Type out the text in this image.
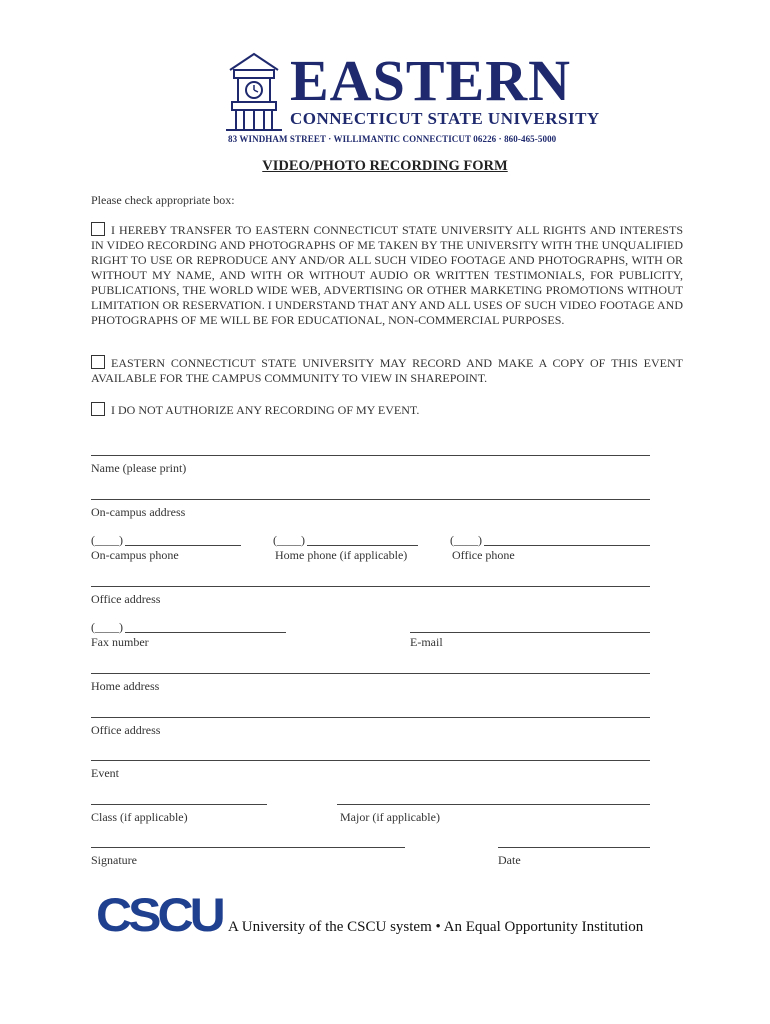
EASTERN
CONNECTICUT STATE UNIVERSITY
83 WINDHAM STREET · WILLIMANTIC CONNECTICUT 06226 · 860-465-5000
VIDEO/PHOTO RECORDING FORM
Please check appropriate box:
I HEREBY TRANSFER TO EASTERN CONNECTICUT STATE UNIVERSITY ALL RIGHTS AND INTERESTS IN VIDEO RECORDING AND PHOTOGRAPHS OF ME TAKEN BY THE UNIVERSITY WITH THE UNQUALIFIED RIGHT TO USE OR REPRODUCE ANY AND/OR ALL SUCH VIDEO FOOTAGE AND PHOTOGRAPHS, WITH OR WITHOUT MY NAME, AND WITH OR WITHOUT AUDIO OR WRITTEN TESTIMONIALS, FOR PUBLICITY, PUBLICATIONS, THE WORLD WIDE WEB, ADVERTISING OR OTHER MARKETING PROMOTIONS WITHOUT LIMITATION OR RESERVATION. I UNDERSTAND THAT ANY AND ALL USES OF SUCH VIDEO FOOTAGE AND PHOTOGRAPHS OF ME WILL BE FOR EDUCATIONAL, NON-COMMERCIAL PURPOSES.
EASTERN CONNECTICUT STATE UNIVERSITY MAY RECORD AND MAKE A COPY OF THIS EVENT AVAILABLE FOR THE CAMPUS COMMUNITY TO VIEW IN SHAREPOINT.
I DO NOT AUTHORIZE ANY RECORDING OF MY EVENT.
Name (please print)
On-campus address
(____)
On-campus phone
(____)
Home phone (if applicable)
(____)
Office phone
Office address
(____)
Fax number	E-mail
Home address
Office address
Event
Class (if applicable)	Major (if applicable)
Signature	Date
CSCU A University of the CSCU system • An Equal Opportunity Institution
